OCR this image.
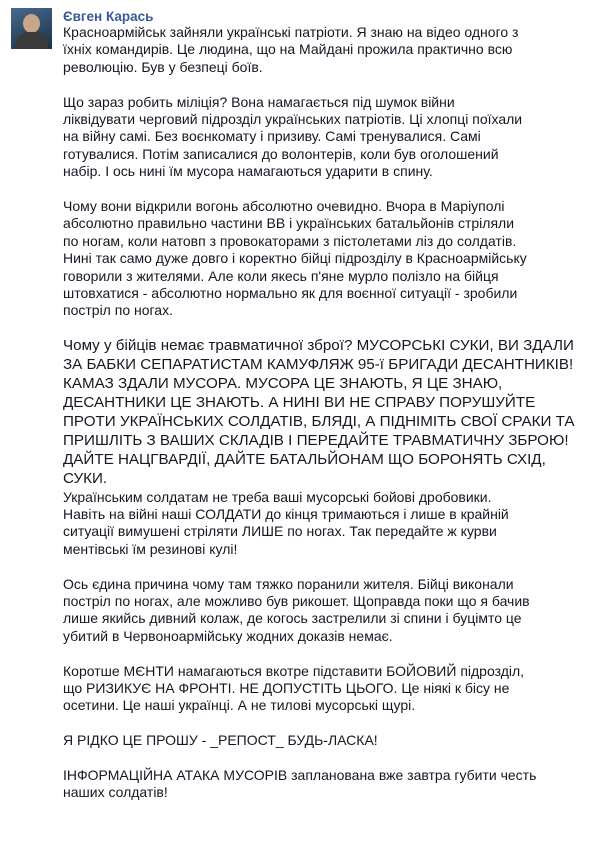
Євген Карась

Красноармійськ зайняли українські патріоти. Я знаю на відео одного з
їхніх командирів. Це людина, що на Майдані прожила практично всю
революцію. Був у безпеці боїв.

Що зараз робить міліція? Вона намагається під шумок війни
ліквідувати черговий підрозділ українських патріотів. Ці хлопці поїхали
на війну самі. Без воєнкомату і призиву. Самі тренувалися. Самі
готувалися. Потім записалися до волонтерів, коли був оголошений
набір. І ось нині їм мусора намагаються ударити в спину.

Чому вони відкрили вогонь абсолютно очевидно. Вчора в Маріуполі
абсолютно правильно частини ВВ і українських батальйонів стріляли
по ногам, коли натовп з провокаторами з пістолетами ліз до солдатів.
Нині так само дуже довго і коректно бійці підрозділу в Красноармійську
говорили з жителями. Але коли якесь п'яне мурло полізло на бійця
штовхатися - абсолютно нормально як для воєнної ситуації - зробили
постріл по ногах.

Чому у бійців немає травматичної зброї? МУСОРСЬКІ СУКИ, ВИ ЗДАЛИ
ЗА БАБКИ СЕПАРАТИСТАМ КАМУФЛЯЖ 95-ї БРИГАДИ ДЕСАНТНИКІВ!
КАМАЗ ЗДАЛИ МУСОРА. МУСОРА ЦЕ ЗНАЮТЬ, Я ЦЕ ЗНАЮ,
ДЕСАНТНИКИ ЦЕ ЗНАЮТЬ. А НИНІ ВИ НЕ СПРАВУ ПОРУШУЙТЕ
ПРОТИ УКРАЇНСЬКИХ СОЛДАТІВ, БЛЯДІ, А ПІДНІМІТЬ СВОЇ СРАКИ ТА
ПРИШЛІТЬ З ВАШИХ СКЛАДІВ І ПЕРЕДАЙТЕ ТРАВМАТИЧНУ ЗБРОЮ!
ДАЙТЕ НАЦГВАРДІЇ, ДАЙТЕ БАТАЛЬЙОНАМ ЩО БОРОНЯТЬ СХІД,
СУКИ.

Українським солдатам не треба ваші мусорські бойові дробовики.
Навіть на війні наші СОЛДАТИ до кінця тримаються і лише в крайній
ситуації вимушені стріляти ЛИШЕ по ногах. Так передайте ж курви
ментівські їм резинові кулі!

Ось єдина причина чому там тяжко поранили жителя. Бійці виконали
постріл по ногах, але можливо був рикошет. Щоправда поки що я бачив
лише якийсь дивний колаж, де когось застрелили зі спини і буцімто це
убитий в Червоноармійську жодних доказів немає.

Коротше МЄНТИ намагаються вкотре підставити БОЙОВИЙ підрозділ,
що РИЗИКУЄ НА ФРОНТІ. НЕ ДОПУСТІТЬ ЦЬОГО. Це ніякі к бісу не
осетини. Це наші українці. А не тилові мусорські щурі.

Я РІДКО ЦЕ ПРОШУ - _РЕПОСТ_ БУДЬ-ЛАСКА!

ІНФОРМАЦІЙНА АТАКА МУСОРІВ запланована вже завтра губити честь
наших солдатів!
